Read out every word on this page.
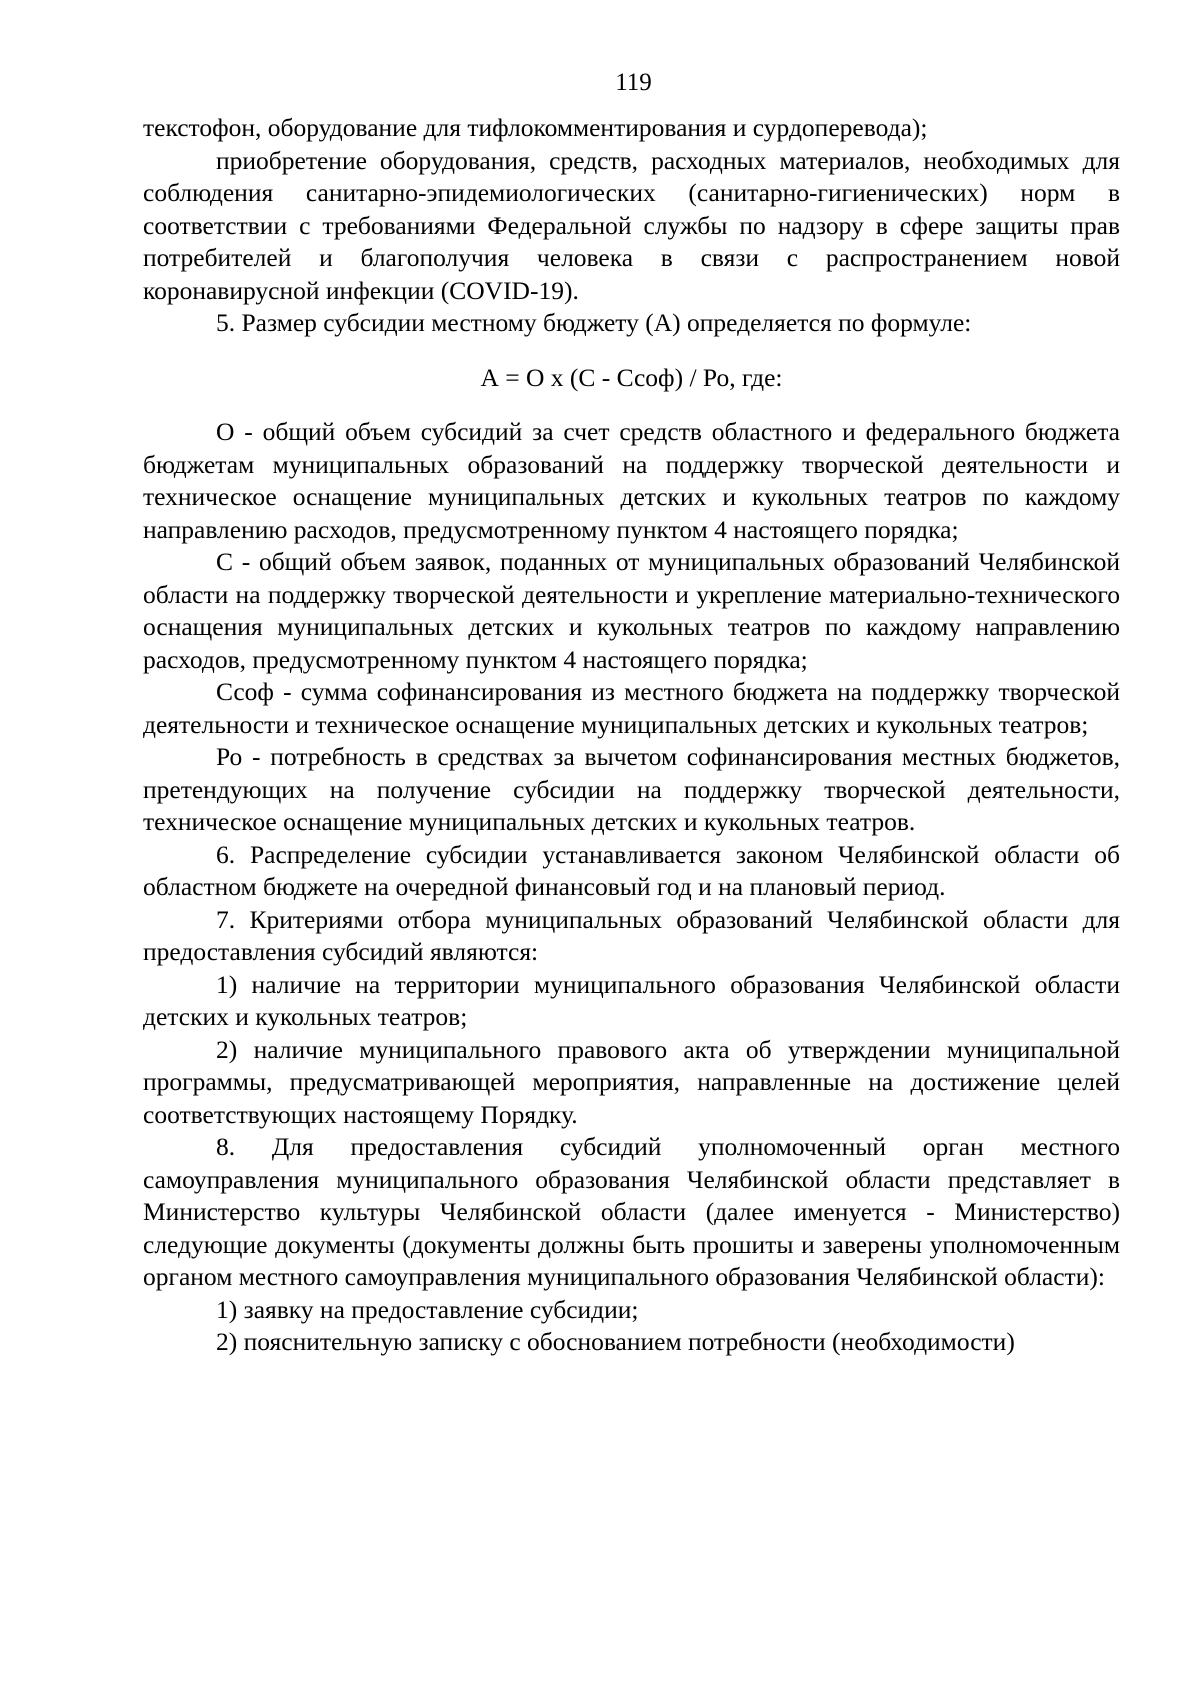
119

текстофон, оборудование для тифлокомментирования и сурдоперевода);

приобретение оборудования, средств, расходных материалов, необходимых для соблюдения санитарно-эпидемиологических (санитарно-гигиенических) норм в соответствии с требованиями Федеральной службы по надзору в сфере защиты прав потребителей и благополучия человека в связи с распространением новой коронавирусной инфекции (COVID-19).

5. Размер субсидии местному бюджету (А) определяется по формуле:

А = О х (С - Ссоф) / Ро, где:

О - общий объем субсидий за счет средств областного и федерального бюджета бюджетам муниципальных образований на поддержку творческой деятельности и техническое оснащение муниципальных детских и кукольных театров по каждому направлению расходов, предусмотренному пунктом 4 настоящего порядка;

С - общий объем заявок, поданных от муниципальных образований Челябинской области на поддержку творческой деятельности и укрепление материально-технического оснащения муниципальных детских и кукольных театров по каждому направлению расходов, предусмотренному пунктом 4 настоящего порядка;

Ссоф - сумма софинансирования из местного бюджета на поддержку творческой деятельности и техническое оснащение муниципальных детских и кукольных театров;

Ро - потребность в средствах за вычетом софинансирования местных бюджетов, претендующих на получение субсидии на поддержку творческой деятельности, техническое оснащение муниципальных детских и кукольных театров.

6. Распределение субсидии устанавливается законом Челябинской области об областном бюджете на очередной финансовый год и на плановый период.

7. Критериями отбора муниципальных образований Челябинской области для предоставления субсидий являются:

1) наличие на территории муниципального образования Челябинской области детских и кукольных театров;

2) наличие муниципального правового акта об утверждении муниципальной программы, предусматривающей мероприятия, направленные на достижение целей соответствующих настоящему Порядку.

8. Для предоставления субсидий уполномоченный орган местного самоуправления муниципального образования Челябинской области представляет в Министерство культуры Челябинской области (далее именуется - Министерство) следующие документы (документы должны быть прошиты и заверены уполномоченным органом местного самоуправления муниципального образования Челябинской области):

1) заявку на предоставление субсидии;

2) пояснительную записку с обоснованием потребности (необходимости)
